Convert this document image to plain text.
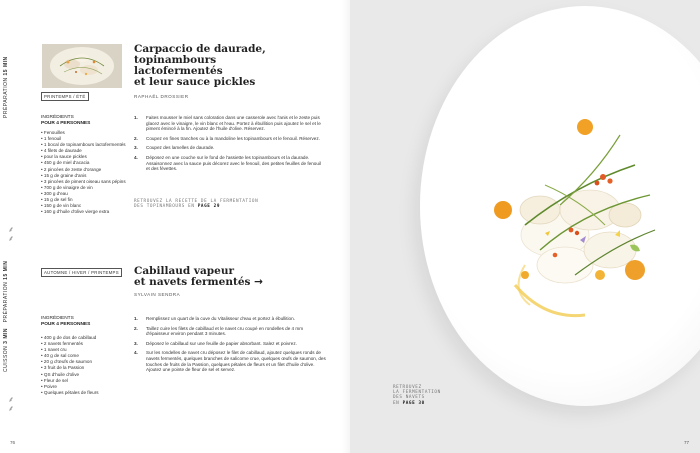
PRÉPARATION 15 MIN
CUISSON 3 MIN   PRÉPARATION 15 MIN
⸙
⸙
⸙
⸙
PRINTEMPS / ÉTÉ
Carpaccio de daurade,
topinambours
lactofermentés
et leur sauce pickles
RAPHAËL DROSSIER
INGRÉDIENTS
POUR 4 PERSONNES
• Fenouilles
• 1 fenouil
• 1 bocal de topinambours lactofermentés
• 4 filets de daurade
• pour la sauce pickles
• 450 g de miel d'acacia
• 2 pincées de zeste d'orange
• 15 g de graine d'anis
• 3 pincées de piment oiseau sans pépins
• 700 g de vinaigre de vin
• 300 g d'eau
• 15 g de sel fin
• 150 g de vin blanc
• 160 g d'huile d'olive vierge extra
1. Faites mousser le miel sans coloration dans une casserole avec l'anis et le zeste puis glacez avec le vinaigre, le vin blanc et l'eau. Portez à ébullition puis ajoutez le sel et le piment émincé à la fin. Ajoutez de l'huile d'olive. Réservez.
2. Coupez en fines tranches ou à la mandoline les topinambours et le fenouil. Réservez.
3. Coupez des lamelles de daurade.
4. Déposez en une couche sur le fond de l'assiette les topinambours et la daurade. Assaisonnez avec la sauce puis décorez avec le fenouil, des petites feuilles de fenouil et des fèvettes.
RETROUVEZ LA RECETTE DE LA FERMENTATION
DES TOPINAMBOURS EN PAGE 29
AUTOMNE / HIVER / PRINTEMPS Cabillaud vapeur
et navets fermentés →
SYLVAIN SENDRA
INGRÉDIENTS
POUR 4 PERSONNES
• 400 g de dos de cabillaud
• 2 navets fermentés
• 1 navet cru
• 40 g de sal come
• 20 g d'œufs de saumon
• 3 fruit de la Passion
• QS d'huile d'olive
• Fleur de sel
• Poivre
• Quelques pétales de fleurs
1. Remplissez un quart de la cuve du Vitalisseur d'eau et portez à ébullition.
2. Taillez cuire les filets de cabillaud et le navet cru coupé en rondelles de 4 mm d'épaisseur environ pendant 3 minutes.
3. Déposez le cabillaud sur une feuille de papier absorbant. Salez et poivrez.
4. Sur les rondelles de navet cru déposez le filet de cabillaud, ajoutez quelques ronds de navets fermentés, quelques branches de salicorne crue, quelques œufs de saumon, des touches de fruits de la Passion, quelques pétales de fleurs et un filet d'huile d'olive. Ajoutez une pointe de fleur de sel et servez.
76
RETROUVEZ
LA FERMENTATION
DES NAVETS
EN PAGE 30
77
